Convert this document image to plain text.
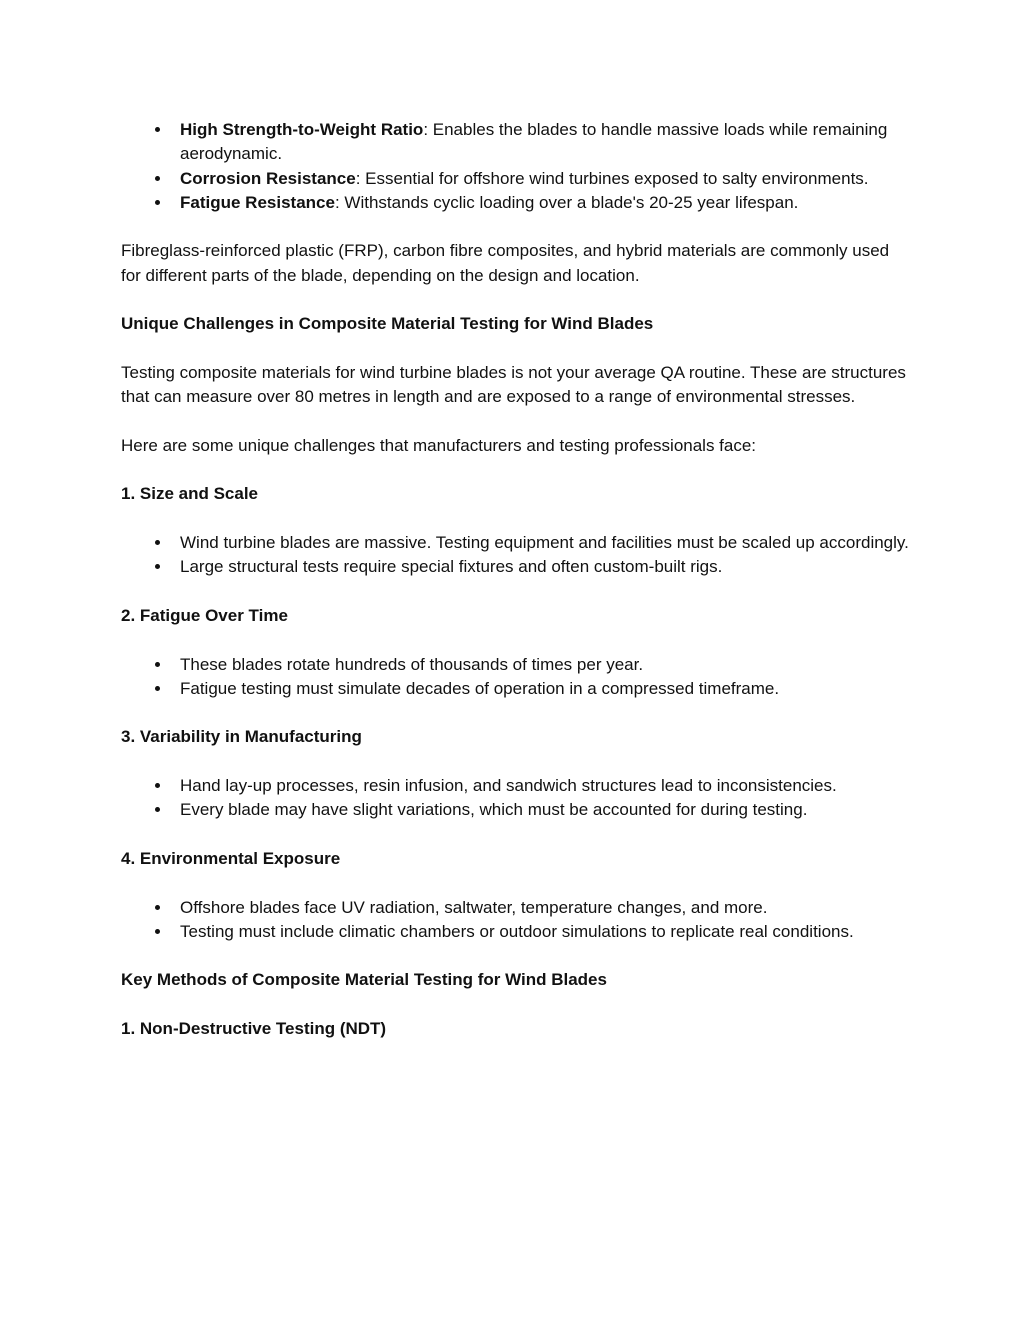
High Strength-to-Weight Ratio: Enables the blades to handle massive loads while remaining aerodynamic.
Corrosion Resistance: Essential for offshore wind turbines exposed to salty environments.
Fatigue Resistance: Withstands cyclic loading over a blade's 20-25 year lifespan.

Fibreglass-reinforced plastic (FRP), carbon fibre composites, and hybrid materials are commonly used for different parts of the blade, depending on the design and location.

Unique Challenges in Composite Material Testing for Wind Blades

Testing composite materials for wind turbine blades is not your average QA routine. These are structures that can measure over 80 metres in length and are exposed to a range of environmental stresses.

Here are some unique challenges that manufacturers and testing professionals face:

1. Size and Scale

Wind turbine blades are massive. Testing equipment and facilities must be scaled up accordingly.
Large structural tests require special fixtures and often custom-built rigs.

2. Fatigue Over Time

These blades rotate hundreds of thousands of times per year.
Fatigue testing must simulate decades of operation in a compressed timeframe.

3. Variability in Manufacturing

Hand lay-up processes, resin infusion, and sandwich structures lead to inconsistencies.
Every blade may have slight variations, which must be accounted for during testing.

4. Environmental Exposure

Offshore blades face UV radiation, saltwater, temperature changes, and more.
Testing must include climatic chambers or outdoor simulations to replicate real conditions.

Key Methods of Composite Material Testing for Wind Blades

1. Non-Destructive Testing (NDT)
